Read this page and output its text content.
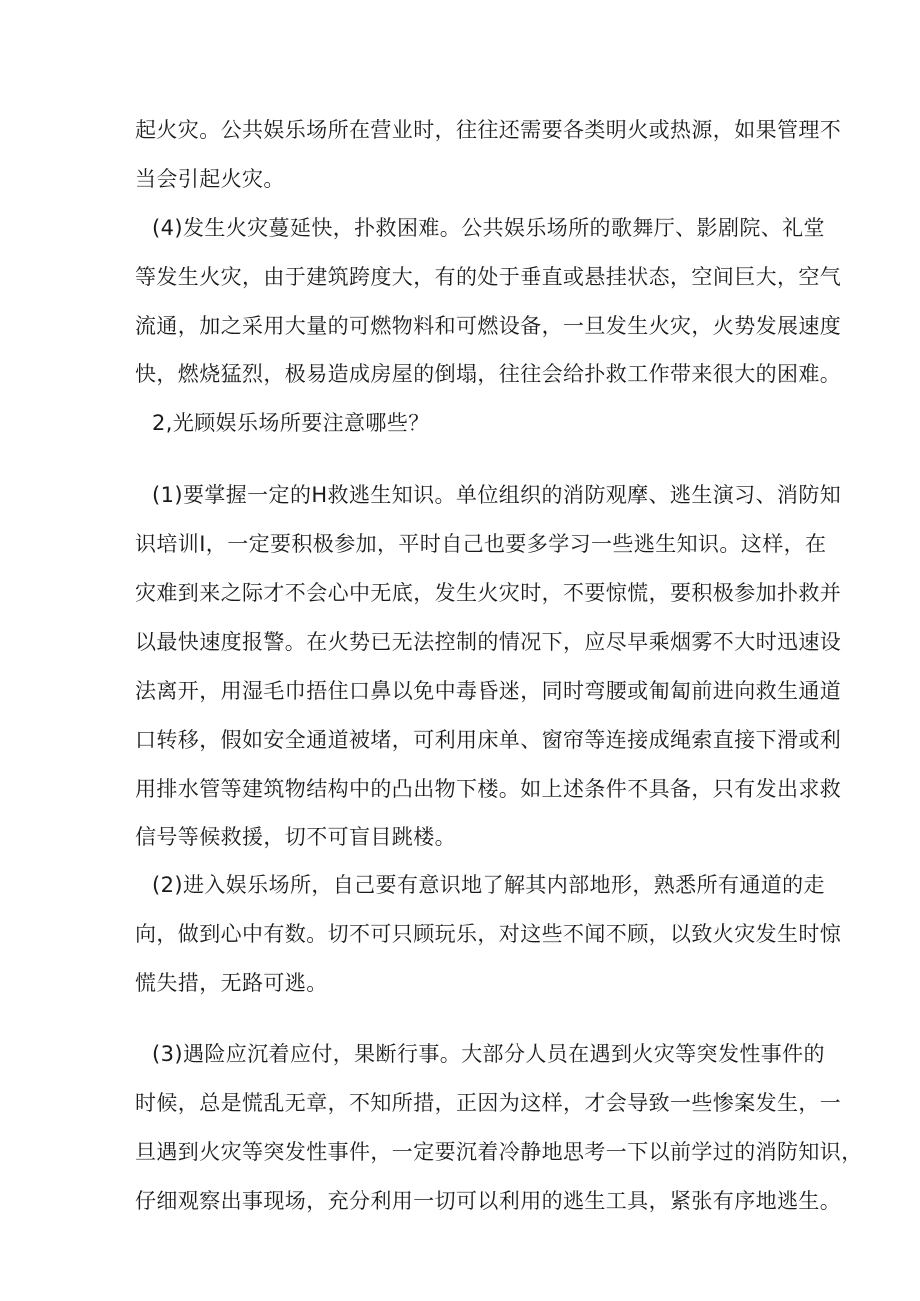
起火灾。公共娱乐场所在营业时，往往还需要各类明火或热源，如果管理不

当会引起火灾。

(4)发生火灾蔓延快，扑救困难。公共娱乐场所的歌舞厅、影剧院、礼堂

等发生火灾，由于建筑跨度大，有的处于垂直或悬挂状态，空间巨大，空气

流通，加之采用大量的可燃物料和可燃设备，一旦发生火灾，火势发展速度

快，燃烧猛烈，极易造成房屋的倒塌，往往会给扑救工作带来很大的困难。

2,光顾娱乐场所要注意哪些？

(1)要掌握一定的H救逃生知识。单位组织的消防观摩、逃生演习、消防知

识培训I，一定要积极参加，平时自己也要多学习一些逃生知识。这样，在

灾难到来之际才不会心中无底，发生火灾时，不要惊慌，要积极参加扑救并

以最快速度报警。在火势已无法控制的情况下，应尽早乘烟雾不大时迅速设

法离开，用湿毛巾捂住口鼻以免中毒昏迷，同时弯腰或匍匐前进向救生通道

口转移，假如安全通道被堵，可利用床单、窗帘等连接成绳索直接下滑或利

用排水管等建筑物结构中的凸出物下楼。如上述条件不具备，只有发出求救

信号等候救援，切不可盲目跳楼。

(2)进入娱乐场所，自己要有意识地了解其内部地形，熟悉所有通道的走

向，做到心中有数。切不可只顾玩乐，对这些不闻不顾，以致火灾发生时惊

慌失措，无路可逃。

(3)遇险应沉着应付，果断行事。大部分人员在遇到火灾等突发性事件的

时候，总是慌乱无章，不知所措，正因为这样，才会导致一些惨案发生，一

旦遇到火灾等突发性事件，一定要沉着冷静地思考一下以前学过的消防知识，

仔细观察出事现场，充分利用一切可以利用的逃生工具，紧张有序地逃生。
